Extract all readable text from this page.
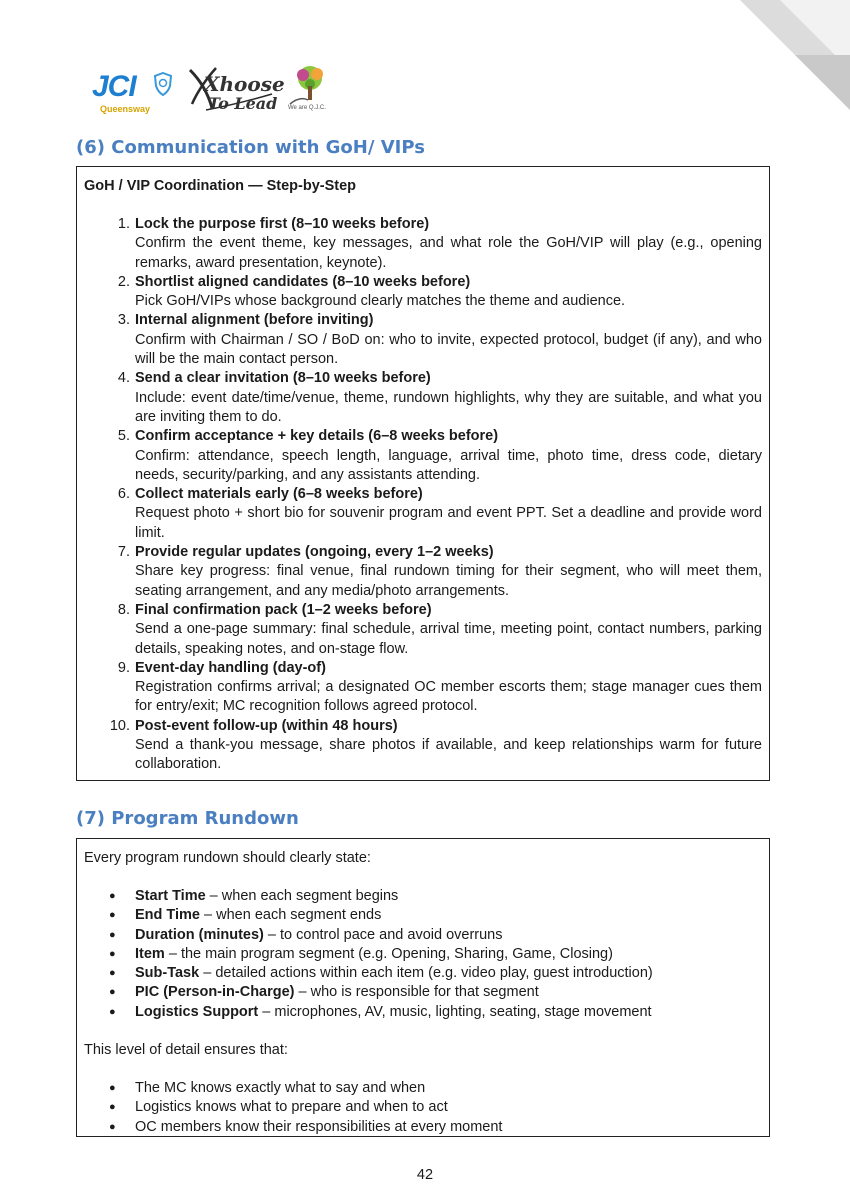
JCI
Queensway
Xhoose
To Lead We are Q.J.C.
(6) Communication with GoH/ VIPs

GoH / VIP Coordination — Step-by-Step

1. Lock the purpose first (8–10 weeks before)
Confirm the event theme, key messages, and what role the GoH/VIP will play (e.g., opening remarks, award presentation, keynote).
2. Shortlist aligned candidates (8–10 weeks before)
Pick GoH/VIPs whose background clearly matches the theme and audience.
3. Internal alignment (before inviting)
Confirm with Chairman / SO / BoD on: who to invite, expected protocol, budget (if any), and who will be the main contact person.
4. Send a clear invitation (8–10 weeks before)
Include: event date/time/venue, theme, rundown highlights, why they are suitable, and what you are inviting them to do.
5. Confirm acceptance + key details (6–8 weeks before)
Confirm: attendance, speech length, language, arrival time, photo time, dress code, dietary needs, security/parking, and any assistants attending.
6. Collect materials early (6–8 weeks before)
Request photo + short bio for souvenir program and event PPT. Set a deadline and provide word limit.
7. Provide regular updates (ongoing, every 1–2 weeks)
Share key progress: final venue, final rundown timing for their segment, who will meet them, seating arrangement, and any media/photo arrangements.
8. Final confirmation pack (1–2 weeks before)
Send a one-page summary: final schedule, arrival time, meeting point, contact numbers, parking details, speaking notes, and on-stage flow.
9. Event-day handling (day-of)
Registration confirms arrival; a designated OC member escorts them; stage manager cues them for entry/exit; MC recognition follows agreed protocol.
10. Post-event follow-up (within 48 hours)
Send a thank-you message, share photos if available, and keep relationships warm for future collaboration.
(7) Program Rundown

Every program rundown should clearly state:

● Start Time – when each segment begins
● End Time – when each segment ends
● Duration (minutes) – to control pace and avoid overruns
● Item – the main program segment (e.g. Opening, Sharing, Game, Closing)
● Sub-Task – detailed actions within each item (e.g. video play, guest introduction)
● PIC (Person-in-Charge) – who is responsible for that segment
● Logistics Support – microphones, AV, music, lighting, seating, stage movement

This level of detail ensures that:

● The MC knows exactly what to say and when
● Logistics knows what to prepare and when to act
● OC members know their responsibilities at every moment
42
